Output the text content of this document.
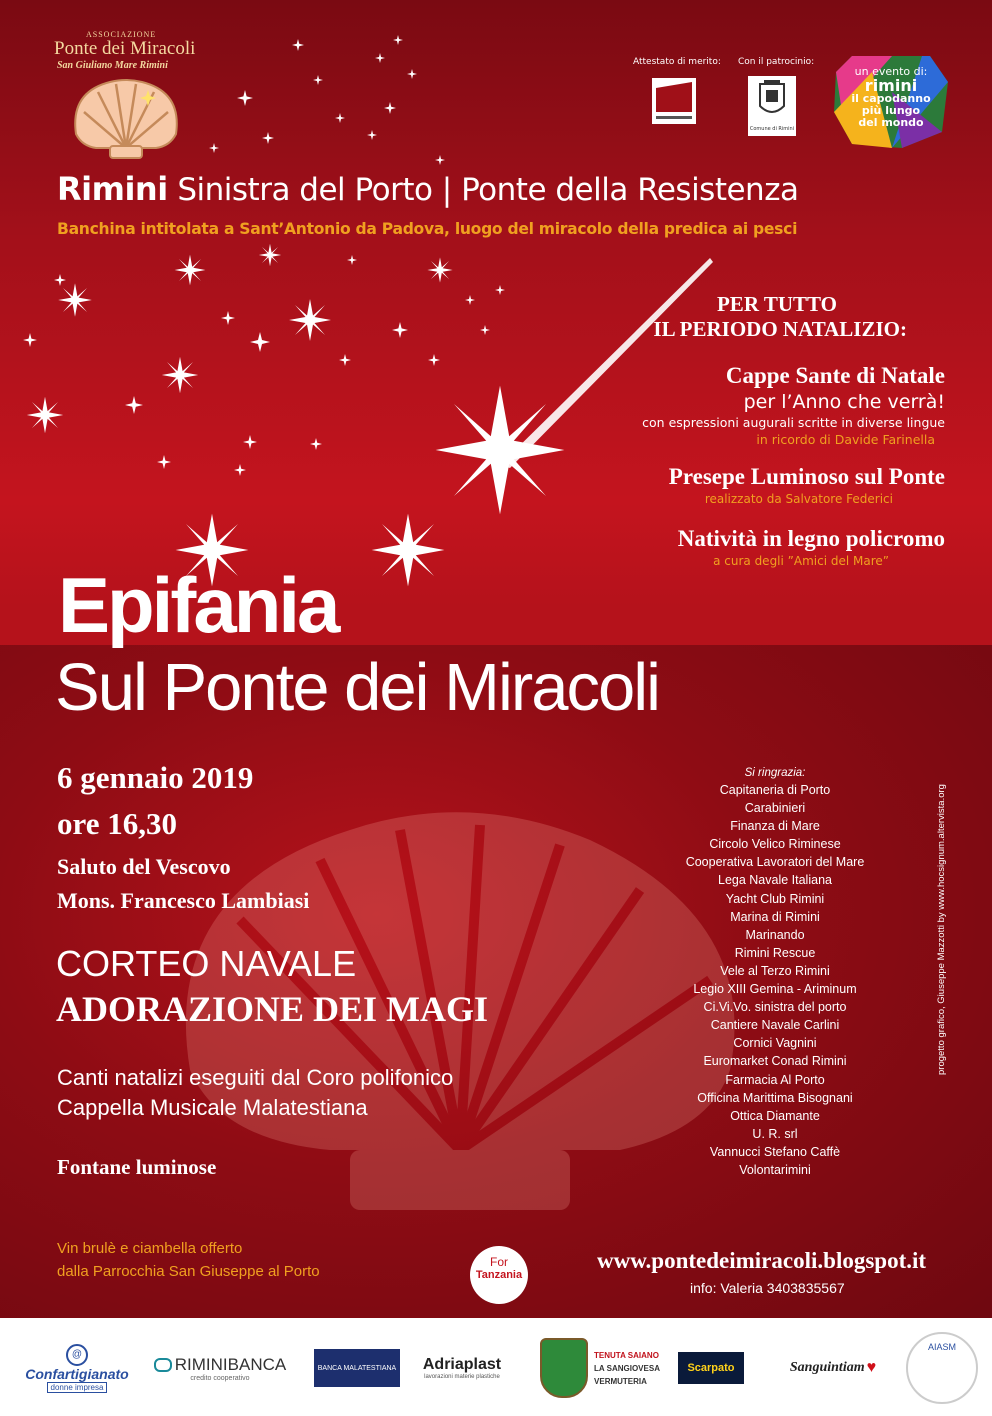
ASSOCIAZIONE
Ponte dei Miracoli
San Giuliano Mare Rimini	Attestato di merito: Con il patrocinio:
Comune di Rimini
un evento di:
rimini
il capodanno
più lungo
del mondo
Rimini Sinistra del Porto | Ponte della Resistenza
Banchina intitolata a Sant’Antonio da Padova, luogo del miracolo della predica ai pesci
PER TUTTO
IL PERIODO NATALIZIO:
Cappe Sante di Natale
per l’Anno che verrà!
con espressioni augurali scritte in diverse lingue
in ricordo di Davide Farinella
Presepe Luminoso sul Ponte
realizzato da Salvatore Federici
Natività in legno policromo
a cura degli ”Amici del Mare”
Epifania
Sul Ponte dei Miracoli
6 gennaio 2019
ore 16,30
Saluto del Vescovo
Mons. Francesco Lambiasi
CORTEO NAVALE
ADORAZIONE DEI MAGI
Canti natalizi eseguiti dal Coro polifonico
Cappella Musicale Malatestiana
Fontane luminose
Vin brulè e ciambella offerto
dalla Parrocchia San Giuseppe al Porto
For
Tanzania
www.pontedeimiracoli.blogspot.it
info: Valeria 3403835567
Si ringrazia:
Capitaneria di Porto
Carabinieri
Finanza di Mare
Circolo Velico Riminese
Cooperativa Lavoratori del Mare
Lega Navale Italiana
Yacht Club Rimini
Marina di Rimini
Marinando
Rimini Rescue
Vele al Terzo Rimini
Legio XIII Gemina - Ariminum
Ci.Vi.Vo. sinistra del porto
Cantiere Navale Carlini
Cornici Vagnini
Euromarket Conad Rimini
Farmacia Al Porto
Officina Marittima Bisognani
Ottica Diamante
U. R. srl
Vannucci Stefano Caffè
Volontarimini
progetto grafico, Giuseppe Mazzotti by www.hocsignum.altervista.org
@
Confartigianato
donne impresa
RIMINIBANCA
credito cooperativo
BANCA MALATESTIANA Adriaplast
lavorazioni materie plastiche
TENUTA SAIANO
LA SANGIOVESA
VERMUTERIA
Scarpato	Sanguintiam ♥
AIASM
